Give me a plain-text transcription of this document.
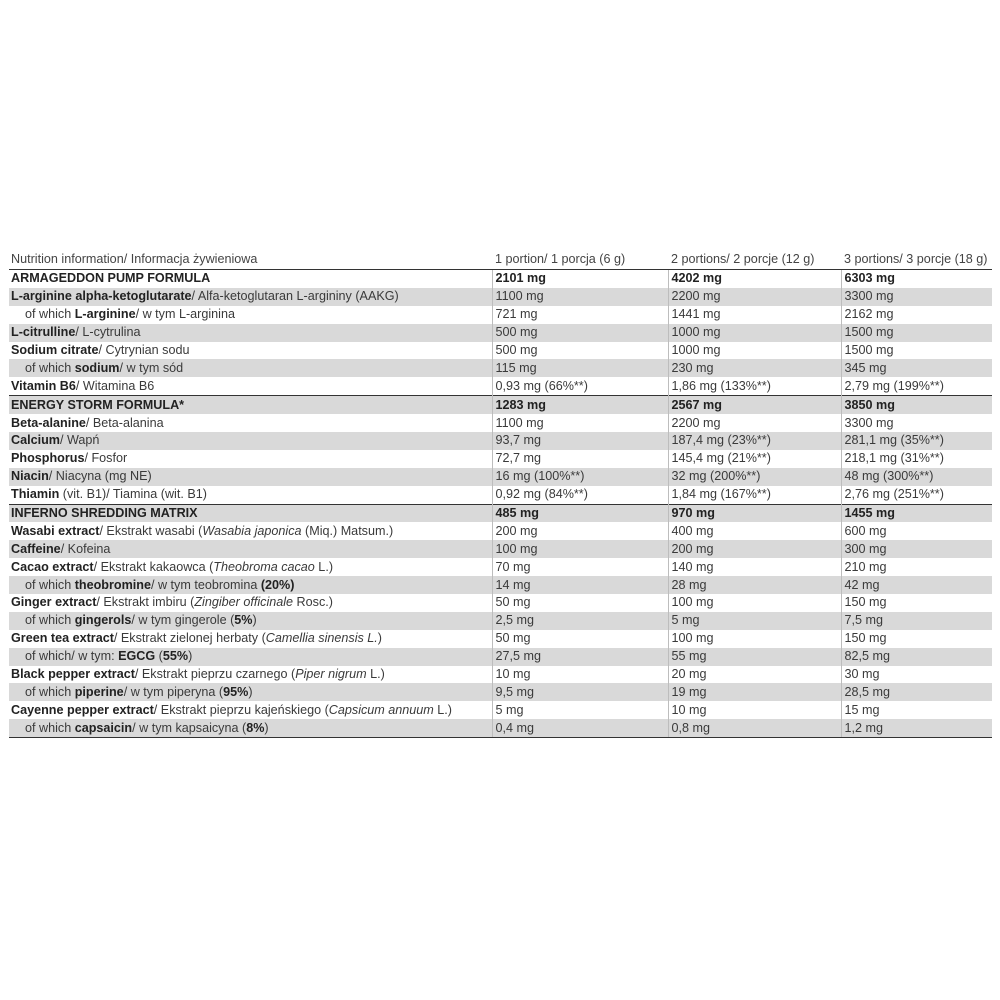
Nutrition information/ Informacja żywieniowa	1 portion/ 1 porcja (6 g)	2 portions/ 2 porcje (12 g)	3 portions/ 3 porcje (18 g)
ARMAGEDDON PUMP FORMULA	2101 mg	4202 mg	6303 mg
L-arginine alpha-ketoglutarate/ Alfa-ketoglutaran L-argininy (AAKG)	1100 mg	2200 mg	3300 mg
of which L-arginine/ w tym L-arginina	721 mg	1441 mg	2162 mg
L-citrulline/ L-cytrulina	500 mg	1000 mg	1500 mg
Sodium citrate/ Cytrynian sodu	500 mg	1000 mg	1500 mg
of which sodium/ w tym sód	115 mg	230 mg	345 mg
Vitamin B6/ Witamina B6	0,93 mg (66%**)	1,86 mg (133%**)	2,79 mg (199%**)
ENERGY STORM FORMULA*	1283 mg	2567 mg	3850 mg
Beta-alanine/ Beta-alanina	1100 mg	2200 mg	3300 mg
Calcium/ Wapń	93,7 mg	187,4 mg (23%**)	281,1 mg (35%**)
Phosphorus/ Fosfor	72,7 mg	145,4 mg (21%**)	218,1 mg (31%**)
Niacin/ Niacyna (mg NE)	16 mg (100%**)	32 mg (200%**)	48 mg (300%**)
Thiamin (vit. B1)/ Tiamina (wit. B1)	0,92 mg (84%**)	1,84 mg (167%**)	2,76 mg (251%**)
INFERNO SHREDDING MATRIX	485 mg	970 mg	1455 mg
Wasabi extract/ Ekstrakt wasabi (Wasabia japonica (Miq.) Matsum.)	200 mg	400 mg	600 mg
Caffeine/ Kofeina	100 mg	200 mg	300 mg
Cacao extract/ Ekstrakt kakaowca (Theobroma cacao L.)	70 mg	140 mg	210 mg
of which theobromine/ w tym teobromina (20%)	14 mg	28 mg	42 mg
Ginger extract/ Ekstrakt imbiru (Zingiber officinale Rosc.)	50 mg	100 mg	150 mg
of which gingerols/ w tym gingerole (5%)	2,5 mg	5 mg	7,5 mg
Green tea extract/ Ekstrakt zielonej herbaty (Camellia sinensis L.)	50 mg	100 mg	150 mg
of which/ w tym: EGCG (55%)	27,5 mg	55 mg	82,5 mg
Black pepper extract/ Ekstrakt pieprzu czarnego (Piper nigrum L.)	10 mg	20 mg	30 mg
of which piperine/ w tym piperyna (95%)	9,5 mg	19 mg	28,5 mg
Cayenne pepper extract/ Ekstrakt pieprzu kajeńskiego (Capsicum annuum L.)	5 mg	10 mg	15 mg
of which capsaicin/ w tym kapsaicyna (8%)	0,4 mg	0,8 mg	1,2 mg
